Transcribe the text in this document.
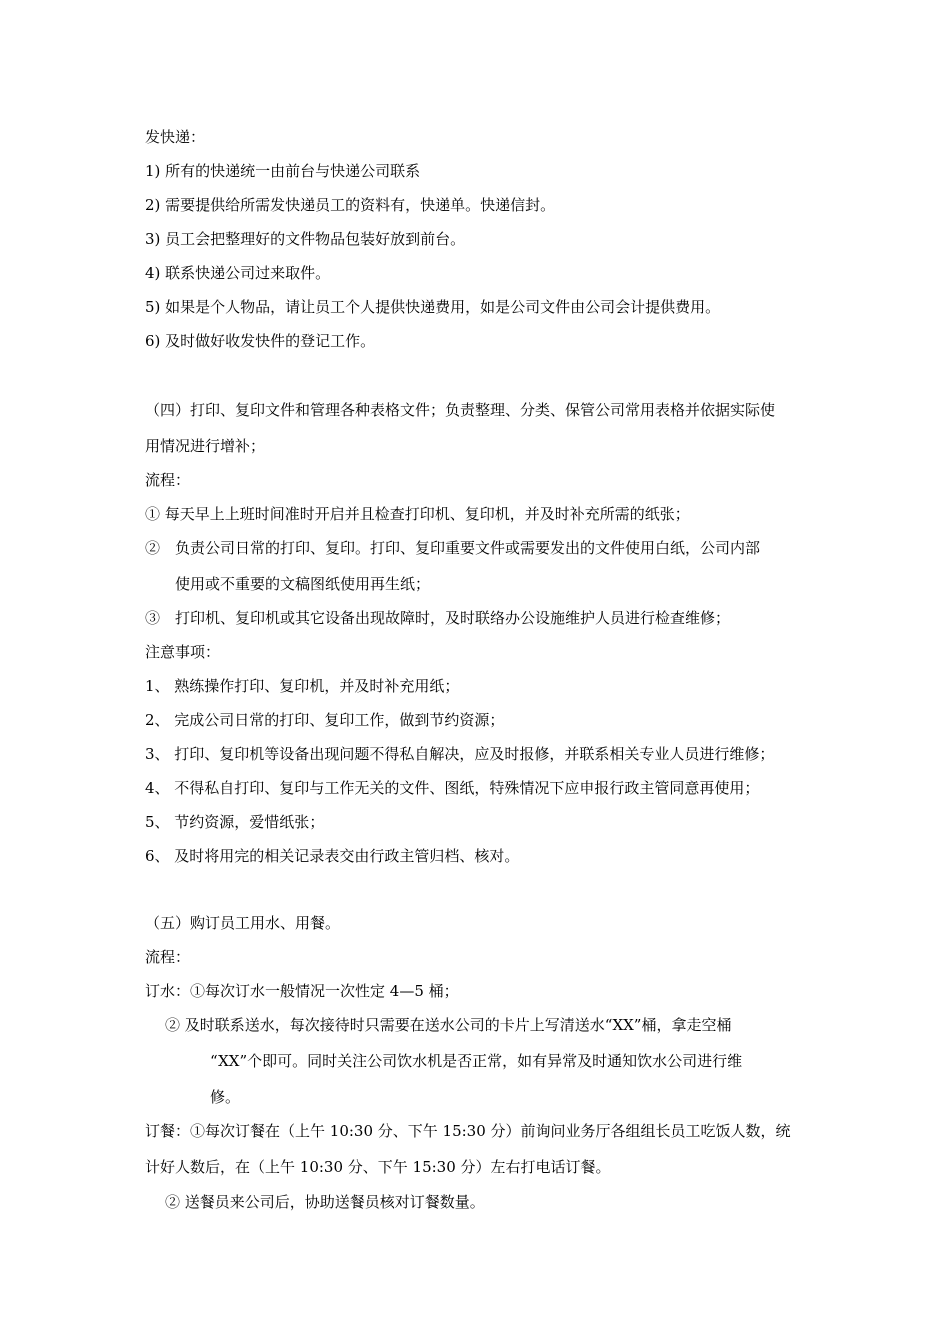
发快递：
1) 所有的快递统一由前台与快递公司联系
2) 需要提供给所需发快递员工的资料有，快递单。快递信封。
3) 员工会把整理好的文件物品包装好放到前台。
4) 联系快递公司过来取件。
5) 如果是个人物品，请让员工个人提供快递费用，如是公司文件由公司会计提供费用。
6) 及时做好收发快件的登记工作。
（四）打印、复印文件和管理各种表格文件；负责整理、分类、保管公司常用表格并依据实际使
用情况进行增补；
流程：
① 每天早上上班时间准时开启并且检查打印机、复印机，并及时补充所需的纸张；
②　负责公司日常的打印、复印。打印、复印重要文件或需要发出的文件使用白纸，公司内部
使用或不重要的文稿图纸使用再生纸；
③　打印机、复印机或其它设备出现故障时，及时联络办公设施维护人员进行检查维修；
注意事项：
1、 熟练操作打印、复印机，并及时补充用纸；
2、 完成公司日常的打印、复印工作，做到节约资源；
3、 打印、复印机等设备出现问题不得私自解决，应及时报修，并联系相关专业人员进行维修；
4、 不得私自打印、复印与工作无关的文件、图纸，特殊情况下应申报行政主管同意再使用；
5、 节约资源，爱惜纸张；
6、 及时将用完的相关记录表交由行政主管归档、核对。
（五）购订员工用水、用餐。
流程：
订水：①每次订水一般情况一次性定 4—5 桶；
② 及时联系送水，每次接待时只需要在送水公司的卡片上写清送水“XX”桶，拿走空桶
“XX”个即可。同时关注公司饮水机是否正常，如有异常及时通知饮水公司进行维
修。
订餐：①每次订餐在（上午 10:30 分、下午 15:30 分）前询问业务厅各组组长员工吃饭人数，统
计好人数后，在（上午 10:30 分、下午 15:30 分）左右打电话订餐。
② 送餐员来公司后，协助送餐员核对订餐数量。
